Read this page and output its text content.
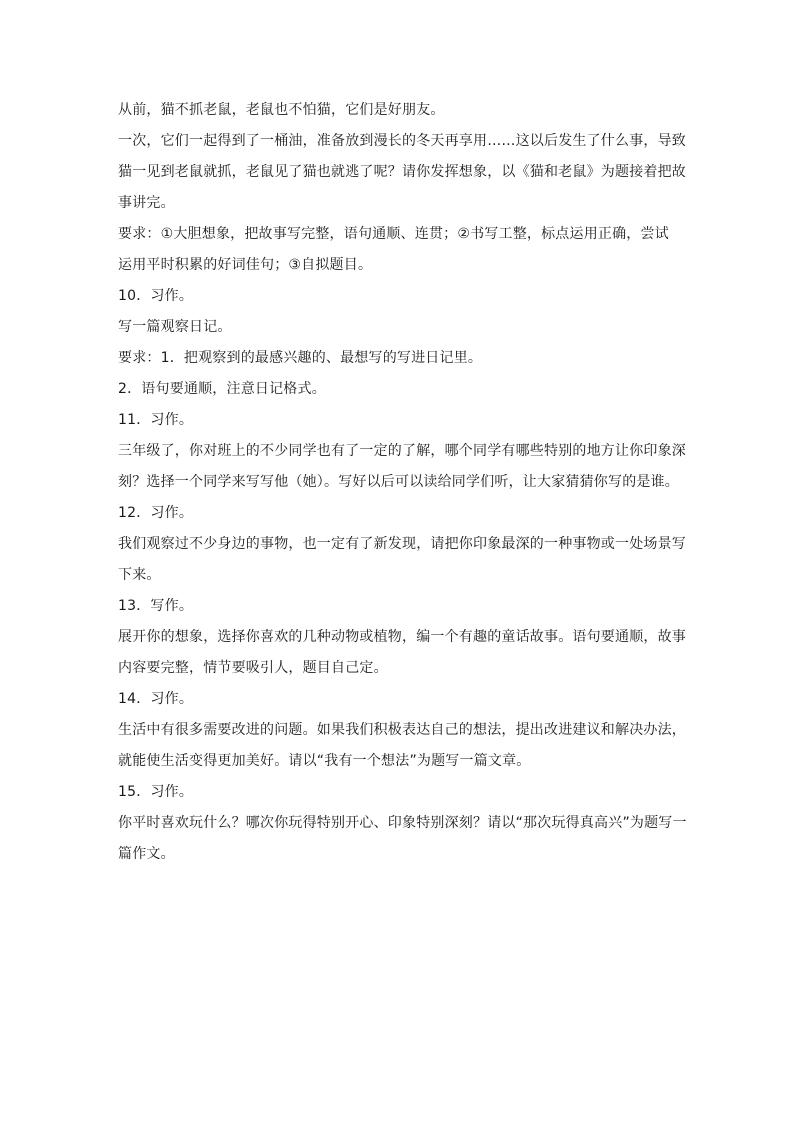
从前，猫不抓老鼠，老鼠也不怕猫，它们是好朋友。
一次，它们一起得到了一桶油，准备放到漫长的冬天再享用……这以后发生了什么事，导致
猫一见到老鼠就抓，老鼠见了猫也就逃了呢？请你发挥想象，以《猫和老鼠》为题接着把故
事讲完。
要求：①大胆想象，把故事写完整，语句通顺、连贯；②书写工整，标点运用正确，尝试
运用平时积累的好词佳句；③自拟题目。
10．习作。
写一篇观察日记。
要求：1．把观察到的最感兴趣的、最想写的写进日记里。
2．语句要通顺，注意日记格式。
11．习作。
三年级了，你对班上的不少同学也有了一定的了解，哪个同学有哪些特别的地方让你印象深
刻？选择一个同学来写写他（她）。写好以后可以读给同学们听，让大家猜猜你写的是谁。
12．习作。
我们观察过不少身边的事物，也一定有了新发现，请把你印象最深的一种事物或一处场景写
下来。
13．写作。
展开你的想象，选择你喜欢的几种动物或植物，编一个有趣的童话故事。语句要通顺，故事
内容要完整，情节要吸引人，题目自己定。
14．习作。
生活中有很多需要改进的问题。如果我们积极表达自己的想法，提出改进建议和解决办法，
就能使生活变得更加美好。请以“我有一个想法”为题写一篇文章。
15．习作。
你平时喜欢玩什么？哪次你玩得特别开心、印象特别深刻？请以“那次玩得真高兴”为题写一
篇作文。
